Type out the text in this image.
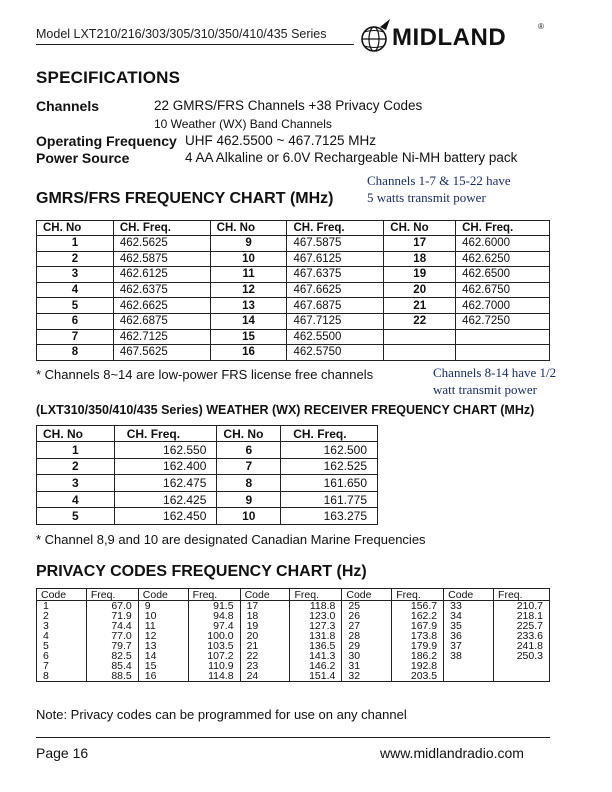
Model LXT210/216/303/305/310/350/410/435 Series	MIDLAND	®
SPECIFICATIONS
Channels	22 GMRS/FRS Channels +38 Privacy Codes
10 Weather (WX) Band Channels
Operating Frequency UHF 462.5500 ~ 467.7125 MHz
Power Source	4 AA Alkaline or 6.0V Rechargeable Ni-MH battery pack
Channels 1-7 & 15-22 have
5 watts transmit power
GMRS/FRS FREQUENCY CHART (MHz)
CH. No	CH. Freq.	CH. No	CH. Freq.	CH. No	CH. Freq.
1	462.5625	9	467.5875	17	462.6000
2	462.5875	10	467.6125	18	462.6250
3	462.6125	11	467.6375	19	462.6500
4	462.6375	12	467.6625	20	462.6750
5	462.6625	13	467.6875	21	462.7000
6	462.6875	14	467.7125	22	462.7250
7	462.7125	15	462.5500		
8	467.5625	16	462.5750		
* Channels 8~14 are low-power FRS license free channels	Channels 8-14 have 1/2
watt transmit power
(LXT310/350/410/435 Series) WEATHER (WX) RECEIVER FREQUENCY CHART (MHz)
CH. No	CH. Freq.	CH. No	CH. Freq.
1	162.550	6	162.500
2	162.400	7	162.525
3	162.475	8	161.650
4	162.425	9	161.775
5	162.450	10	163.275
* Channel 8,9 and 10 are designated Canadian Marine Frequencies
PRIVACY CODES FREQUENCY CHART (Hz)
Code	Freq.	Code	Freq.	Code	Freq.	Code	Freq.	Code	Freq.
1	67.0	9	91.5	17	118.8	25	156.7	33	210.7
2	71.9	10	94.8	18	123.0	26	162.2	34	218.1
3	74.4	11	97.4	19	127.3	27	167.9	35	225.7
4	77.0	12	100.0	20	131.8	28	173.8	36	233.6
5	79.7	13	103.5	21	136.5	29	179.9	37	241.8
6	82.5	14	107.2	22	141.3	30	186.2	38	250.3
7	85.4	15	110.9	23	146.2	31	192.8		
8	88.5	16	114.8	24	151.4	32	203.5		
Note: Privacy codes can be programmed for use on any channel
Page 16	www.midlandradio.com
